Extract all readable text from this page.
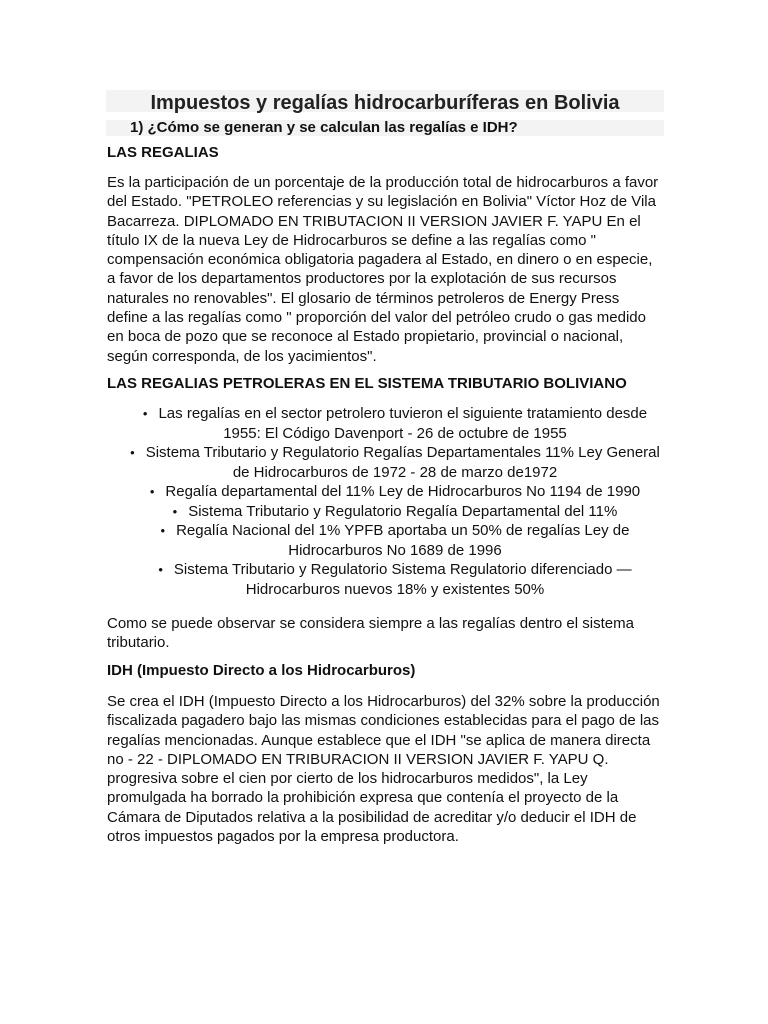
Impuestos y regalías hidrocarburíferas en Bolivia
1) ¿Cómo se generan y se calculan las regalías e IDH?
LAS REGALIAS

Es la participación de un porcentaje de la producción total de hidrocarburos a favor del Estado. "PETROLEO referencias y su legislación en Bolivia" Víctor Hoz de Vila Bacarreza. DIPLOMADO EN TRIBUTACION II VERSION JAVIER F. YAPU En el título IX de la nueva Ley de Hidrocarburos se define a las regalías como " compensación económica obligatoria pagadera al Estado, en dinero o en especie, a favor de los departamentos productores por la explotación de sus recursos naturales no renovables". El glosario de términos petroleros de Energy Press define a las regalías como " proporción del valor del petróleo crudo o gas medido en boca de pozo que se reconoce al Estado propietario, provincial o nacional, según corresponda, de los yacimientos".

LAS REGALIAS PETROLERAS EN EL SISTEMA TRIBUTARIO BOLIVIANO
• Las regalías en el sector petrolero tuvieron el siguiente tratamiento desde 1955: El Código Davenport - 26 de octubre de 1955
• Sistema Tributario y Regulatorio Regalías Departamentales 11% Ley General de Hidrocarburos de 1972 - 28 de marzo de1972
• Regalía departamental del 11% Ley de Hidrocarburos No 1194 de 1990
• Sistema Tributario y Regulatorio Regalía Departamental del 11%
• Regalía Nacional del 1% YPFB aportaba un 50% de regalías Ley de Hidrocarburos No 1689 de 1996
• Sistema Tributario y Regulatorio Sistema Regulatorio diferenciado — Hidrocarburos nuevos 18% y existentes 50%

Como se puede observar se considera siempre a las regalías dentro el sistema tributario.

IDH (Impuesto Directo a los Hidrocarburos)

Se crea el IDH (Impuesto Directo a los Hidrocarburos) del 32% sobre la producción fiscalizada pagadero bajo las mismas condiciones establecidas para el pago de las regalías mencionadas. Aunque establece que el IDH "se aplica de manera directa no - 22 - DIPLOMADO EN TRIBURACION II VERSION JAVIER F. YAPU Q. progresiva sobre el cien por cierto de los hidrocarburos medidos", la Ley promulgada ha borrado la prohibición expresa que contenía el proyecto de la Cámara de Diputados relativa a la posibilidad de acreditar y/o deducir el IDH de otros impuestos pagados por la empresa productora.
